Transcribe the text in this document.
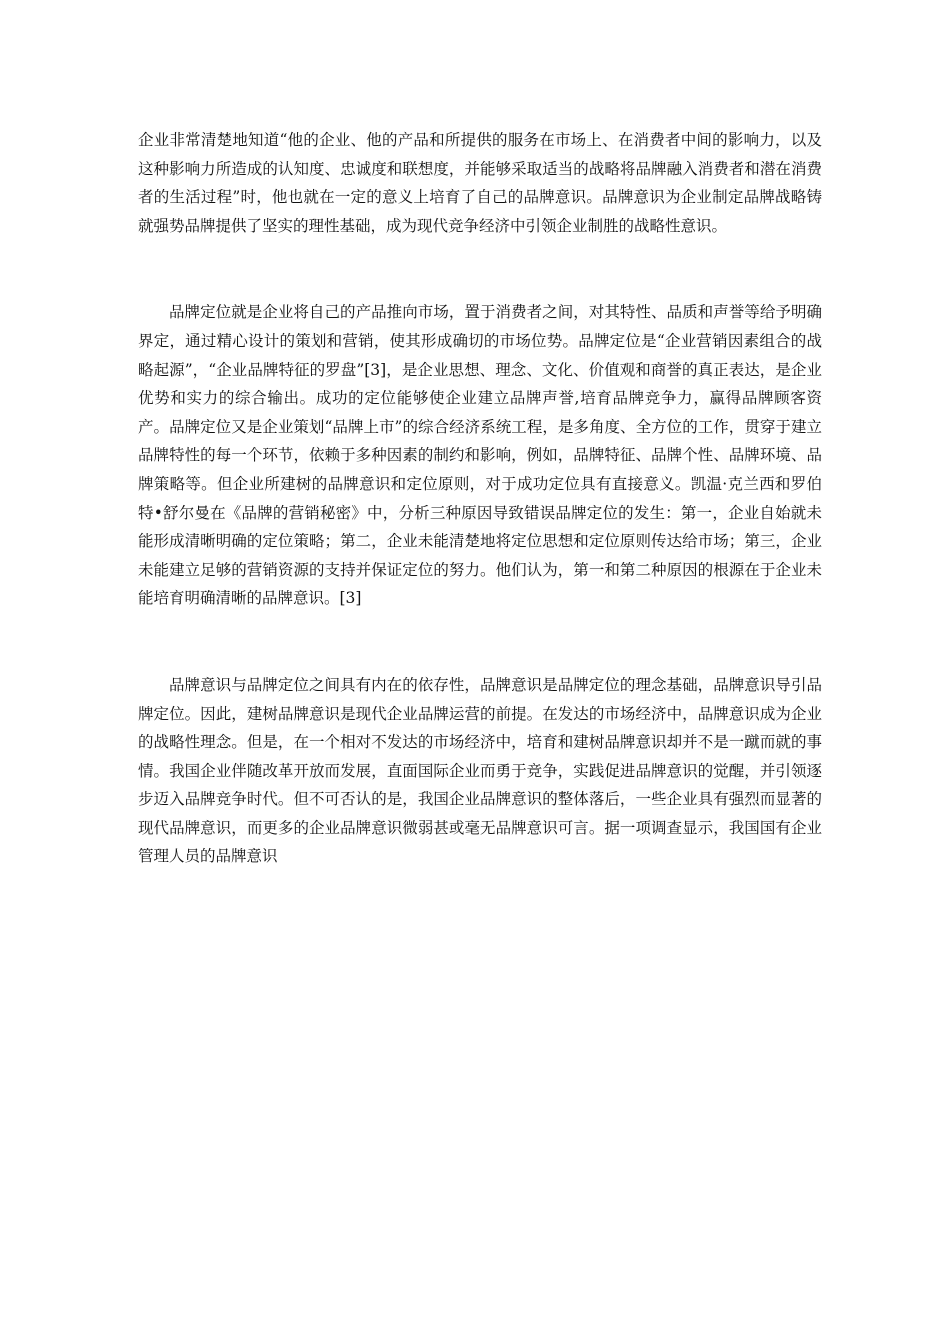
企业非常清楚地知道“他的企业、他的产品和所提供的服务在市场上、在消费者中间的影响力，以及这种影响力所造成的认知度、忠诚度和联想度，并能够采取适当的战略将品牌融入消费者和潜在消费者的生活过程”时，他也就在一定的意义上培育了自己的品牌意识。品牌意识为企业制定品牌战略铸就强势品牌提供了坚实的理性基础，成为现代竞争经济中引领企业制胜的战略性意识。

品牌定位就是企业将自己的产品推向市场，置于消费者之间，对其特性、品质和声誉等给予明确界定，通过精心设计的策划和营销，使其形成确切的市场位势。品牌定位是“企业营销因素组合的战略起源”，“企业品牌特征的罗盘”[3]，是企业思想、理念、文化、价值观和商誉的真正表达，是企业优势和实力的综合输出。成功的定位能够使企业建立品牌声誉,培育品牌竞争力，赢得品牌顾客资产。品牌定位又是企业策划“品牌上市”的综合经济系统工程，是多角度、全方位的工作，贯穿于建立品牌特性的每一个环节，依赖于多种因素的制约和影响，例如，品牌特征、品牌个性、品牌环境、品牌策略等。但企业所建树的品牌意识和定位原则，对于成功定位具有直接意义。凯温·克兰西和罗伯特•舒尔曼在《品牌的营销秘密》中，分析三种原因导致错误品牌定位的发生：第一，企业自始就未能形成清晰明确的定位策略；第二，企业未能清楚地将定位思想和定位原则传达给市场；第三，企业未能建立足够的营销资源的支持并保证定位的努力。他们认为，第一和第二种原因的根源在于企业未能培育明确清晰的品牌意识。[3]

品牌意识与品牌定位之间具有内在的依存性，品牌意识是品牌定位的理念基础，品牌意识导引品牌定位。因此，建树品牌意识是现代企业品牌运营的前提。在发达的市场经济中，品牌意识成为企业的战略性理念。但是，在一个相对不发达的市场经济中，培育和建树品牌意识却并不是一蹴而就的事情。我国企业伴随改革开放而发展，直面国际企业而勇于竞争，实践促进品牌意识的觉醒，并引领逐步迈入品牌竞争时代。但不可否认的是，我国企业品牌意识的整体落后，一些企业具有强烈而显著的现代品牌意识，而更多的企业品牌意识微弱甚或毫无品牌意识可言。据一项调查显示，我国国有企业管理人员的品牌意识
